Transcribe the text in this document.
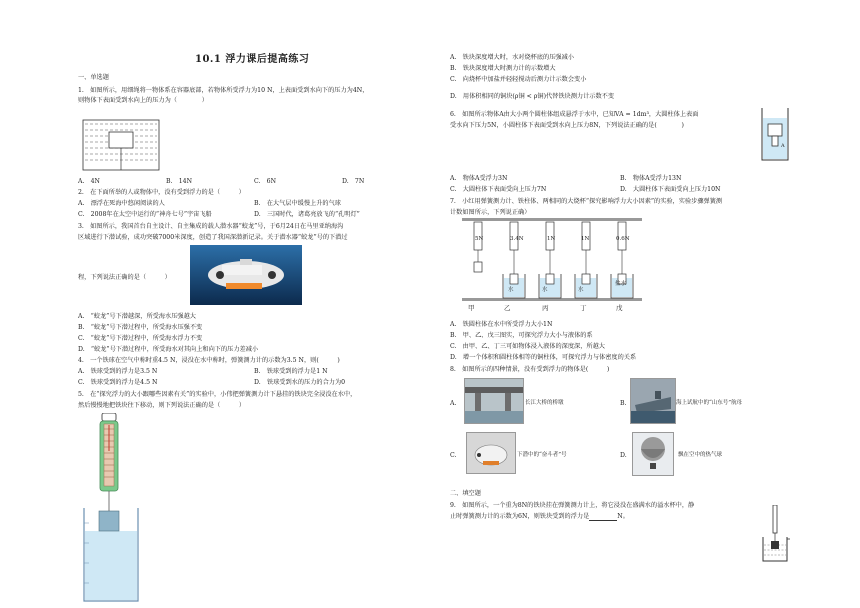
10.1 浮力课后提高练习
一、单选题
1.　如图所示，用细绳将一物体系在容器底部，若物体所受浮力为10 N，上表面受到水向下的压力为4N，
则物体下表面受到水向上的压力为（　　　　）
A.　4N	B.　14N	C.　6N	D.　7N
2.　在下面所举的人或物体中，没有受到浮力的是（　　　）
A.　漂浮在死海中悠闲阅读的人	B.　在大气层中缓慢上升的气球
C.　2008年在太空中运行的“神舟七号”宇宙飞船	D.　三国时代，诸葛亮放飞的“孔明灯”
3.　如图所示，我国首台自主设计、自主集成的载人潜水器“蛟龙”号，于6月24日在马里亚纳海沟
区域进行下潜试验，成功突破7000米深度，创造了我国深潜新记录。关于潜水器“蛟龙”号的下潜过
程，下列说法正确的是（　　　）
A.　“蛟龙”号下潜越深，所受海水压强越大
B.　“蛟龙”号下潜过程中，所受海水压强不变
C.　“蛟龙”号下潜过程中，所受海水浮力不变
D.　“蛟龙”号下潜过程中，所受海水对其向上和向下的压力差减小
4.　一个铁球在空气中称时重4.5 N，浸没在水中称时，弹簧测力计的示数为3.5 N，则(　　　)
A.　铁球受到的浮力是3.5 N	B.　铁球受到的浮力是1 N
C.　铁球受到的浮力是4.5 N	D.　铁球受到水的压力的合力为0
5.　在“探究浮力的大小跟哪些因素有关”的实验中，小伟把弹簧测力计下悬挂的铁块完全浸没在水中，
然后慢慢地把铁块往下移动，则下列说法正确的是（　　　）
A.　铁块深度增大时，水对烧杯底的压强减小
B.　铁块深度增大时测力计的示数增大
C.　向烧杯中加盐并轻轻搅动后测力计示数会变小
D.　用体积相同的铜块(ρ铜 < ρ铜)代替铁块测力计示数不变
6.　如图所示物体A由大小两个圆柱体组成悬浮于水中，已知VA = 1dm³，大圆柱体上表面
受水向下压力5N，小圆柱体下表面受到水向上压力8N，下列说法正确的是(　　　　)
A
A.　物体A受浮力3N	B.　物体A受浮力13N
C.　大圆柱体下表面受向上压力7N	D.　大圆柱体下表面受向上压力10N
7.　小红用弹簧测力计、铁柱体、两相同的大烧杯“探究影响浮力大小因素”的实验，实验步骤弹簧测
计数如图所示，下列说正确）
5N	3.4N	1N	1N	0.6N
水	水	水
盐水
甲	乙	丙	丁	戊
A.　铁圆柱体在水中所受浮力大小1N
B.　甲、乙、戊三图实，可探究浮力大小与液体的系
C.　由甲、乙、丁三可如物体浸入液体的深度深，所越大
D.　增一个体积和圆柱体相等的铜柱体，可探究浮力与体密度的关系
8.　如图所示的四种情景，没有受到浮力的物体是(　　　)
A.	长江大桥的桥墩	B.	海上试航中的“山东号”航母
C.	下潜中的“奋斗者”号	D.	飘在空中的热气球
二、填空题
9.　如图所示，一个重为8N的铁块挂在弹簧测力计上，将它浸没在盛满水的溢水杯中，静
止时弹簧测力计的示数为6N，则铁块受到的浮力是	N。
